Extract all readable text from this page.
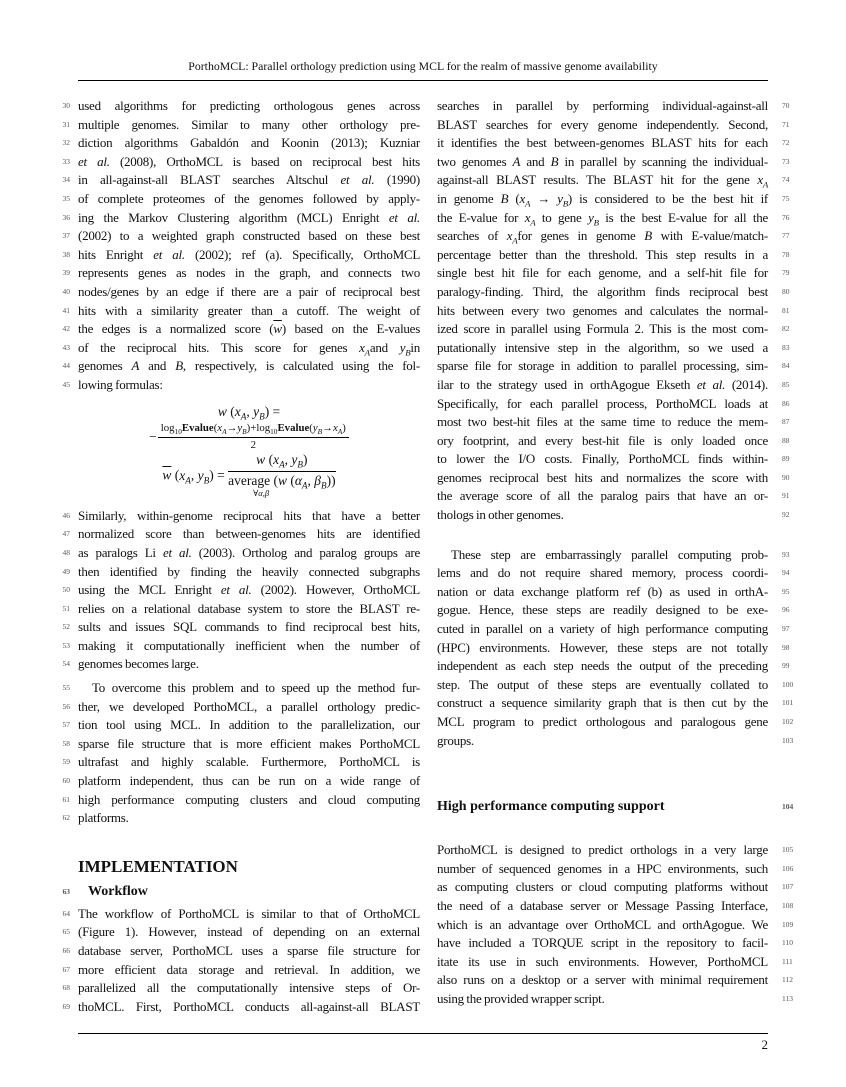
PorthoMCL: Parallel orthology prediction using MCL for the realm of massive genome availability
30 used algorithms for predicting orthologous genes across
31 multiple genomes. Similar to many other orthology pre-
32 diction algorithms Gabaldón and Koonin (2013); Kuzniar
33 et al. (2008), OrthoMCL is based on reciprocal best hits
34 in all-against-all BLAST searches Altschul et al. (1990)
35 of complete proteomes of the genomes followed by apply-
36 ing the Markov Clustering algorithm (MCL) Enright et al.
37 (2002) to a weighted graph constructed based on these best
38 hits Enright et al. (2002); ref (a). Specifically, OrthoMCL
39 represents genes as nodes in the graph, and connects two
40 nodes/genes by an edge if there are a pair of reciprocal best
41 hits with a similarity greater than a cutoff. The weight of
42 the edges is a normalized score $(\overline{w})$ based on the E-values
43 of the reciprocal hits. This score for genes $x_Aand$ $y_Bin$
44 genomes A and B, respectively, is calculated using the fol-
45 lowing formulas:
w ($x_A$, $y_B$) =
− $\frac{\log_{10}Evalue(x_A\to y_B)+\log_{10}Evalue(y_B\to x_A)}{2}$
$\overline{w}$ ($x_A$, $y_B) = w$ ($x_A$, $y_B$)
average
∀α,β
(w ($\alpha_A$, $\beta_B$))
46 Similarly, within-genome reciprocal hits that have a better
47 normalized score than between-genomes hits are identified
48 as paralogs Li et al. (2003). Ortholog and paralog groups are
49 then identified by finding the heavily connected subgraphs
50 using the MCL Enright et al. (2002). However, OrthoMCL
51 relies on a relational database system to store the BLAST re-
52 sults and issues SQL commands to find reciprocal best hits,
53 making it computationally inefficient when the number of
54 genomes becomes large.
55	To overcome this problem and to speed up the method fur-
56 ther, we developed PorthoMCL, a parallel orthology predic-
57 tion tool using MCL. In addition to the parallelization, our
58 sparse file structure that is more efficient makes PorthoMCL
59 ultrafast and highly scalable. Furthermore, PorthoMCL is
60 platform independent, thus can be run on a wide range of
61 high performance computing clusters and cloud computing
62 platforms.
IMPLEMENTATION
63 Workflow
64 The workflow of PorthoMCL is similar to that of OrthoMCL
65 (Figure 1). However, instead of depending on an external
66 database server, PorthoMCL uses a sparse file structure for
67 more efficient data storage and retrieval. In addition, we
68 parallelized all the computationally intensive steps of Or-
69 thoMCL. First, PorthoMCL conducts all-against-all BLAST
70
searches in parallel by performing individual-against-all
71
BLAST searches for every genome independently. Second,
72
it identifies the best between-genomes BLAST hits for each
73
two genomes A and B in parallel by scanning the individual-
74
against-all BLAST results. The BLAST hit for the gene $x_A$
75
in genome B $(x_A \to y_B)$ is considered to be the best hit if
76
the E-value for $x_A$ to gene $y_B$ is the best E-value for all the
77
searches of $x_Afor$ genes in genome B with E-value/match-
78
percentage better than the threshold. This step results in a
79
single best hit file for each genome, and a self-hit file for
80
paralogy-finding. Third, the algorithm finds reciprocal best
81
hits between every two genomes and calculates the normal-
82
ized score in parallel using Formula 2. This is the most com-
83
putationally intensive step in the algorithm, so we used a
84
sparse file for storage in addition to parallel processing, sim-
85
ilar to the strategy used in orthAgogue Ekseth et al. (2014).
86
Specifically, for each parallel process, PorthoMCL loads at
87
most two best-hit files at the same time to reduce the mem-
88
ory footprint, and every best-hit file is only loaded once
89
to lower the I/O costs. Finally, PorthoMCL finds within-
90
genomes reciprocal best hits and normalizes the score with
91
the average score of all the paralog pairs that have an or-
92
thologs in other genomes.
93
These step are embarrassingly parallel computing prob-
94
lems and do not require shared memory, process coordi-
95
nation or data exchange platform ref (b) as used in orthA-
96
gogue. Hence, these steps are readily designed to be exe-
97
cuted in parallel on a variety of high performance computing
98
(HPC) environments. However, these steps are not totally
99
independent as each step needs the output of the preceding
100
step. The output of these steps are eventually collated to
101
construct a sequence similarity graph that is then cut by the
102
MCL program to predict orthologous and paralogous gene
103
groups.
104
High performance computing support
105
PorthoMCL is designed to predict orthologs in a very large
106
number of sequenced genomes in a HPC environments, such
107
as computing clusters or cloud computing platforms without
108
the need of a database server or Message Passing Interface,
109
which is an advantage over OrthoMCL and orthAgogue. We
110
have included a TORQUE script in the repository to facil-
111
itate its use in such environments. However, PorthoMCL
112
also runs on a desktop or a server with minimal requirement
113
using the provided wrapper script.
2
